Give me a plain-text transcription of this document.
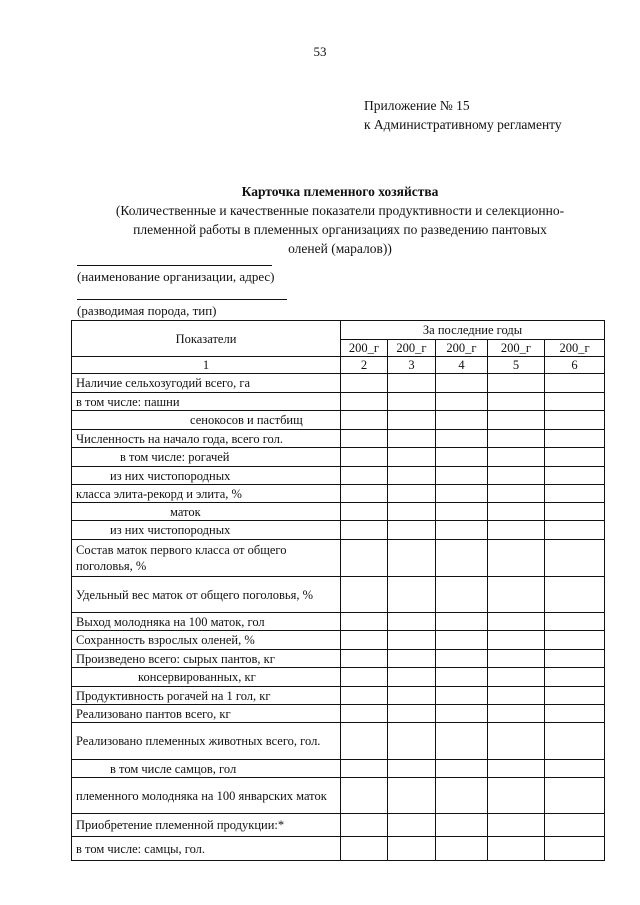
53
Приложение № 15
к Административному регламенту
Карточка племенного хозяйства
(Количественные и качественные показатели продуктивности и селекционно-
племенной работы в племенных организациях по разведению пантовых
оленей (маралов))
(наименование организации, адрес)
(разводимая порода, тип)
Показатели	За последние годы				
	200_г	200_г	200_г	200_г	200_г
1	2	3	4	5	6
Наличие сельхозугодий всего, га					
в том числе: пашни					
сенокосов и пастбищ					
Численность на начало года, всего гол.					
в том числе: рогачей					
из них чистопородных					
класса элита-рекорд и элита, %					
маток					
из них чистопородных					
Состав маток первого класса от общего поголовья, %					
Удельный вес маток от общего поголовья, %					
Выход молодняка на 100 маток, гол					
Сохранность взрослых оленей, %					
Произведено всего: сырых пантов, кг					
консервированных, кг					
Продуктивность рогачей на 1 гол, кг					
Реализовано пантов всего, кг					
Реализовано племенных животных всего, гол.					
в том числе самцов, гол					
племенного молодняка на 100 январских маток					
Приобретение племенной продукции:*					
в том числе: самцы, гол.					
